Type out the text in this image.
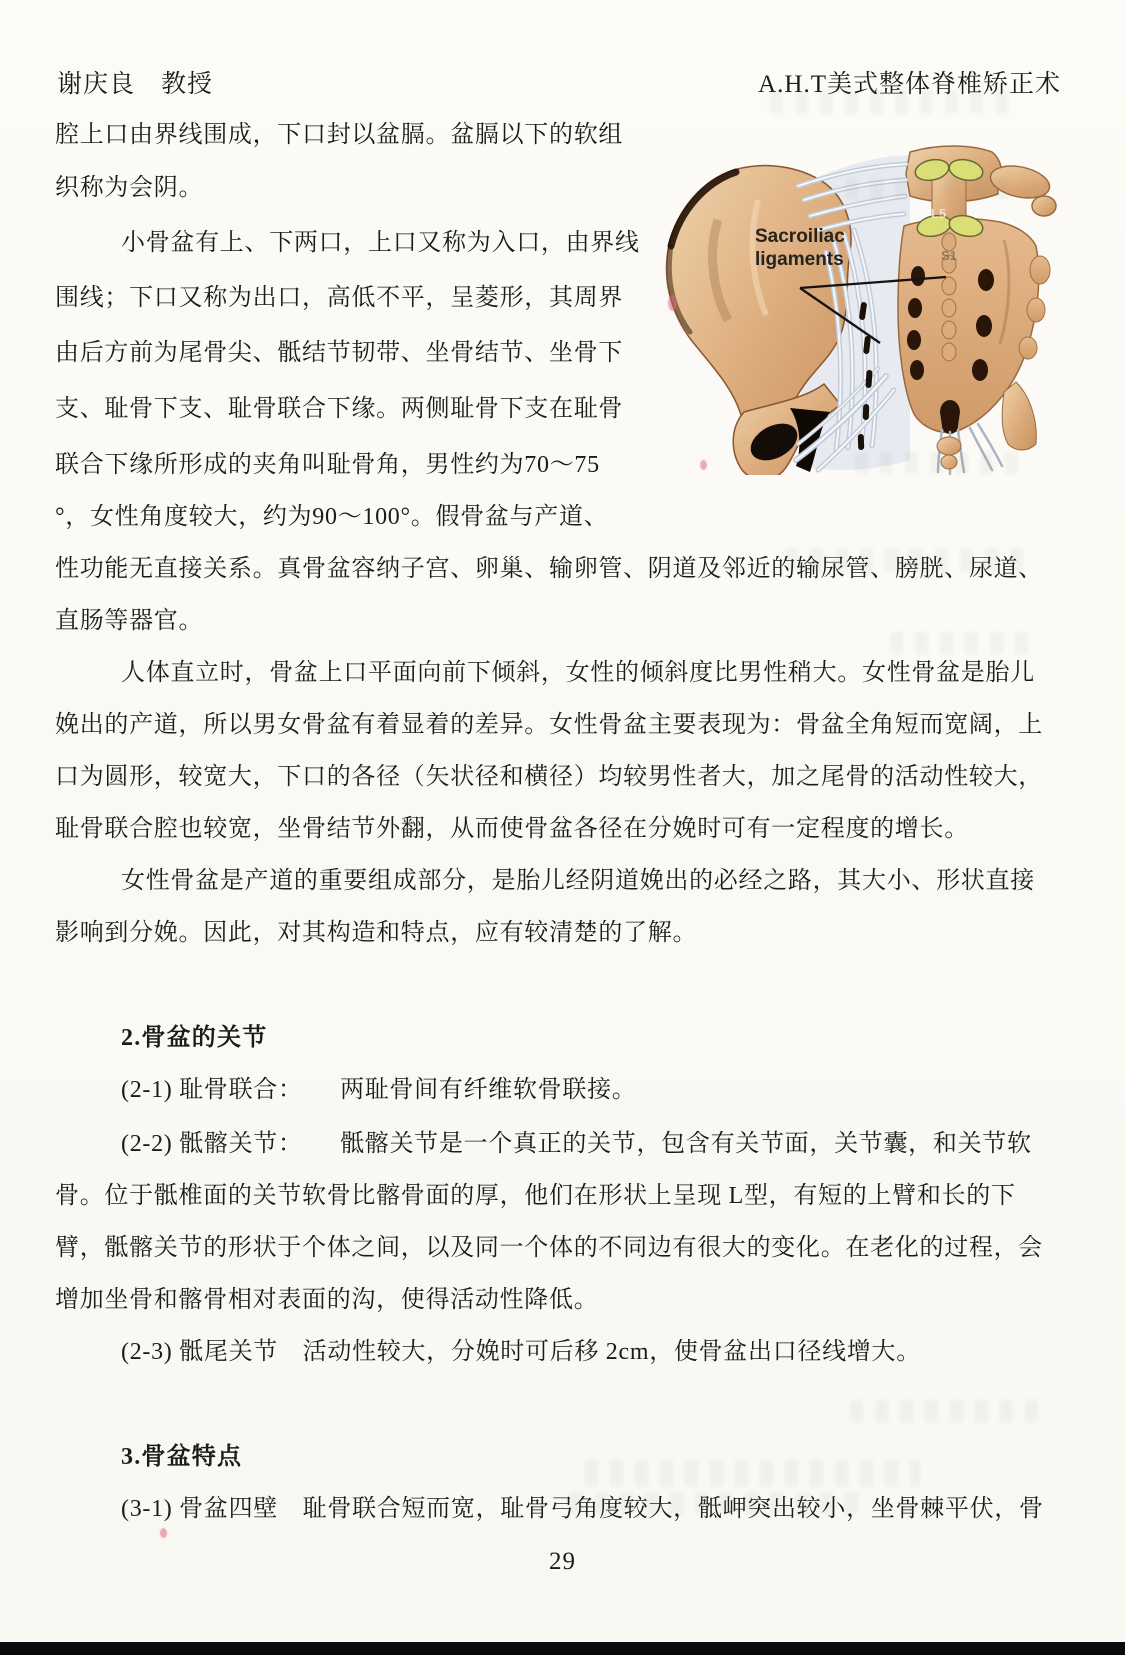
谢庆良　教授	A.H.T美式整体脊椎矫正术
腔上口由界线围成，下口封以盆膈。盆膈以下的软组
织称为会阴。
小骨盆有上、下两口，上口又称为入口，由界线
围线；下口又称为出口，高低不平，呈菱形，其周界
由后方前为尾骨尖、骶结节韧带、坐骨结节、坐骨下
支、耻骨下支、耻骨联合下缘。两侧耻骨下支在耻骨
联合下缘所形成的夹角叫耻骨角，男性约为70～75
°，女性角度较大，约为90～100°。假骨盆与产道、
性功能无直接关系。真骨盆容纳子宫、卵巢、输卵管、阴道及邻近的输尿管、膀胱、尿道、
直肠等器官。
人体直立时，骨盆上口平面向前下倾斜，女性的倾斜度比男性稍大。女性骨盆是胎儿
娩出的产道，所以男女骨盆有着显着的差异。女性骨盆主要表现为：骨盆全角短而宽阔，上
口为圆形，较宽大，下口的各径（矢状径和横径）均较男性者大，加之尾骨的活动性较大，
耻骨联合腔也较宽，坐骨结节外翻，从而使骨盆各径在分娩时可有一定程度的增长。
女性骨盆是产道的重要组成部分，是胎儿经阴道娩出的必经之路，其大小、形状直接
影响到分娩。因此，对其构造和特点，应有较清楚的了解。
2.骨盆的关节
(2-1) 耻骨联合：　　两耻骨间有纤维软骨联接。
(2-2) 骶髂关节：　　骶髂关节是一个真正的关节，包含有关节面，关节囊，和关节软
骨。位于骶椎面的关节软骨比髂骨面的厚，他们在形状上呈现 L型，有短的上臂和长的下
臂，骶髂关节的形状于个体之间，以及同一个体的不同边有很大的变化。在老化的过程，会
增加坐骨和髂骨相对表面的沟，使得活动性降低。
(2-3) 骶尾关节　活动性较大，分娩时可后移 2cm，使骨盆出口径线增大。
3.骨盆特点
(3-1) 骨盆四壁　耻骨联合短而宽，耻骨弓角度较大，骶岬突出较小，坐骨棘平伏，骨
Sacroiliac
ligaments
L5
S1
29
